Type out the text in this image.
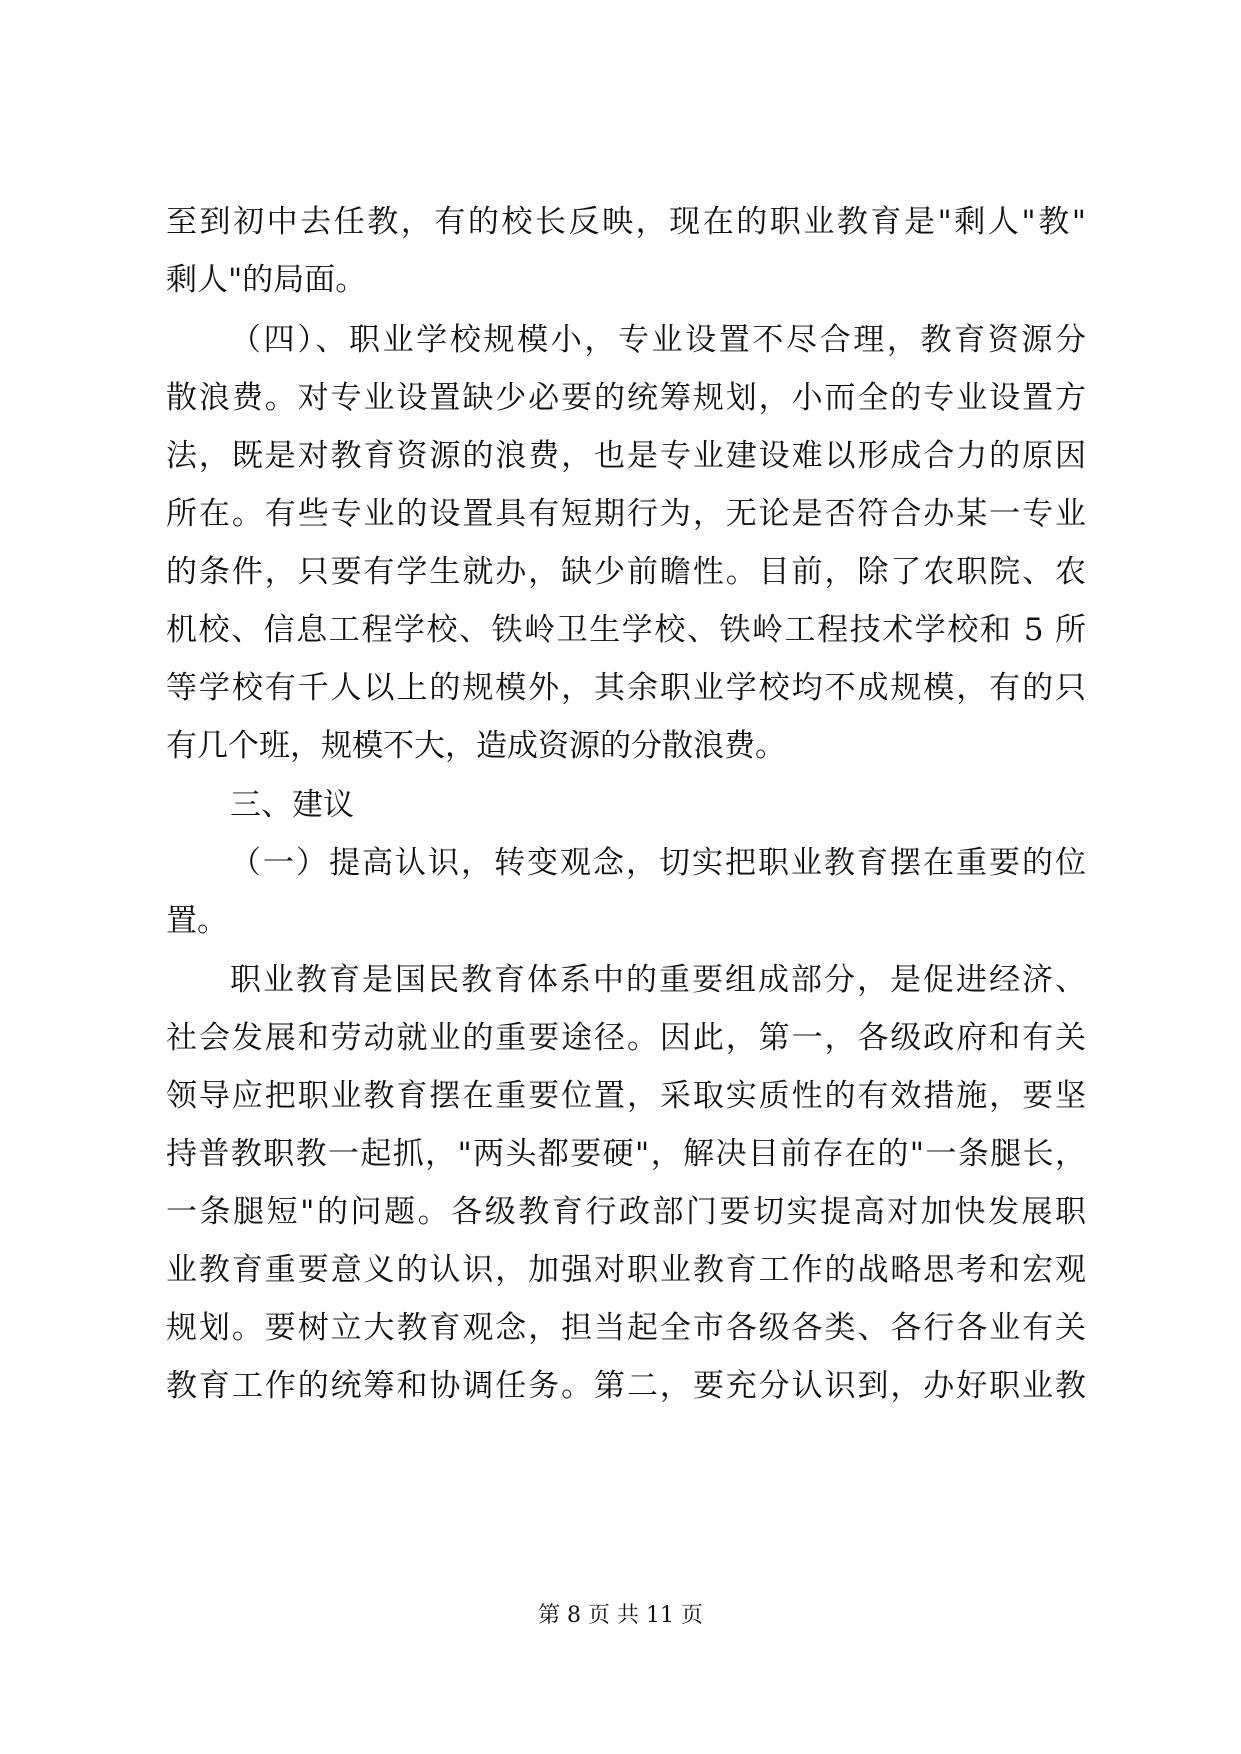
至到初中去任教，有的校长反映，现在的职业教育是"剩人"教"
剩人"的局面。
（四）、职业学校规模小，专业设置不尽合理，教育资源分
散浪费。对专业设置缺少必要的统筹规划，小而全的专业设置方
法，既是对教育资源的浪费，也是专业建设难以形成合力的原因
所在。有些专业的设置具有短期行为，无论是否符合办某一专业
的条件，只要有学生就办，缺少前瞻性。目前，除了农职院、农
机校、信息工程学校、铁岭卫生学校、铁岭工程技术学校和 5 所
等学校有千人以上的规模外，其余职业学校均不成规模，有的只
有几个班，规模不大，造成资源的分散浪费。
三、建议
（一）提高认识，转变观念，切实把职业教育摆在重要的位
置。
职业教育是国民教育体系中的重要组成部分，是促进经济、
社会发展和劳动就业的重要途径。因此，第一，各级政府和有关
领导应把职业教育摆在重要位置，采取实质性的有效措施，要坚
持普教职教一起抓，"两头都要硬"，解决目前存在的"一条腿长，
一条腿短"的问题。各级教育行政部门要切实提高对加快发展职
业教育重要意义的认识，加强对职业教育工作的战略思考和宏观
规划。要树立大教育观念，担当起全市各级各类、各行各业有关
教育工作的统筹和协调任务。第二，要充分认识到，办好职业教
第 8 页 共 11 页
